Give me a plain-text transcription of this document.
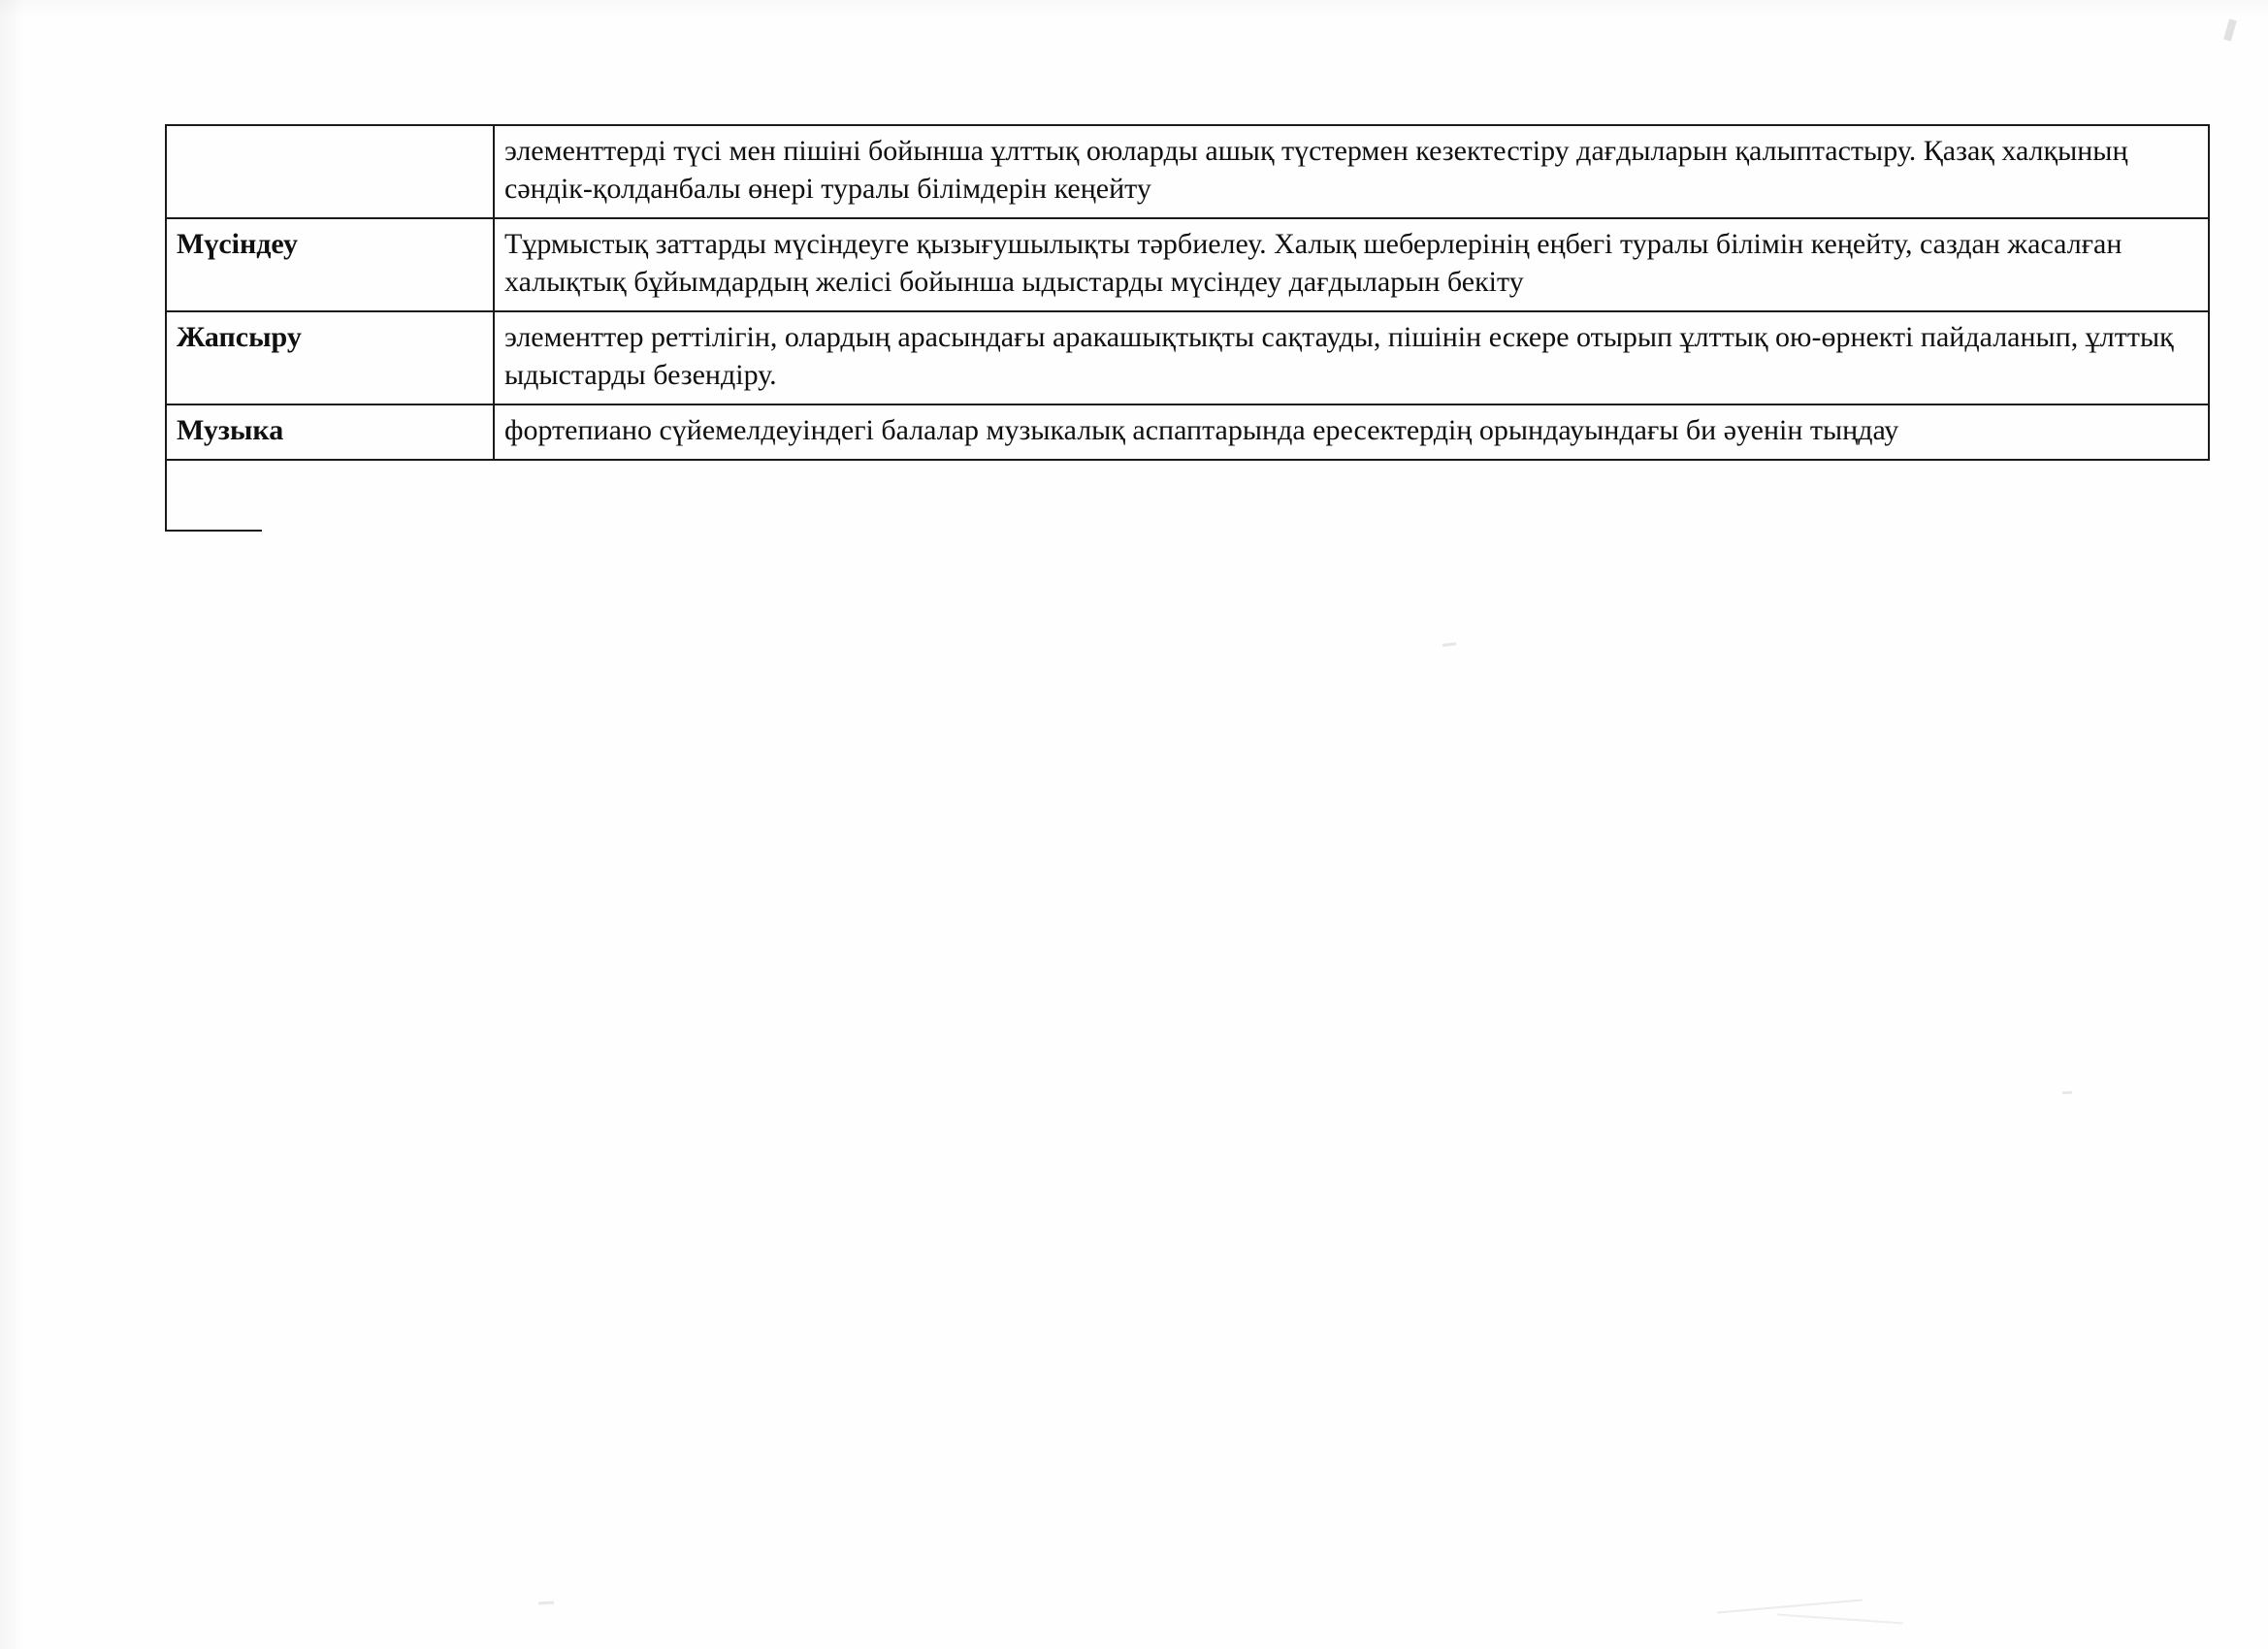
	элементтерді түсі мен пішіні бойынша ұлттық оюларды ашық түстермен кезектестіру дағдыларын қалыптастыру. Қазақ халқының сәндік-қолданбалы өнері туралы білімдерін кеңейту
Мүсіндеу	Тұрмыстық заттарды мүсіндеуге қызығушылықты тәрбиелеу. Халық шеберлерінің еңбегі туралы білімін кеңейту, саздан жасалған халықтық бұйымдардың желісі бойынша ыдыстарды мүсіндеу дағдыларын бекіту
Жапсыру	элементтер реттілігін, олардың арасындағы аракашықтықты сақтауды, пішінін ескере отырып ұлттық ою-өрнекті пайдаланып, ұлттық ыдыстарды безендіру.
Музыка	фортепиано сүйемелдеуіндегі балалар музыкалық аспаптарында ересектердің орындауындағы би әуенін тыңдау
